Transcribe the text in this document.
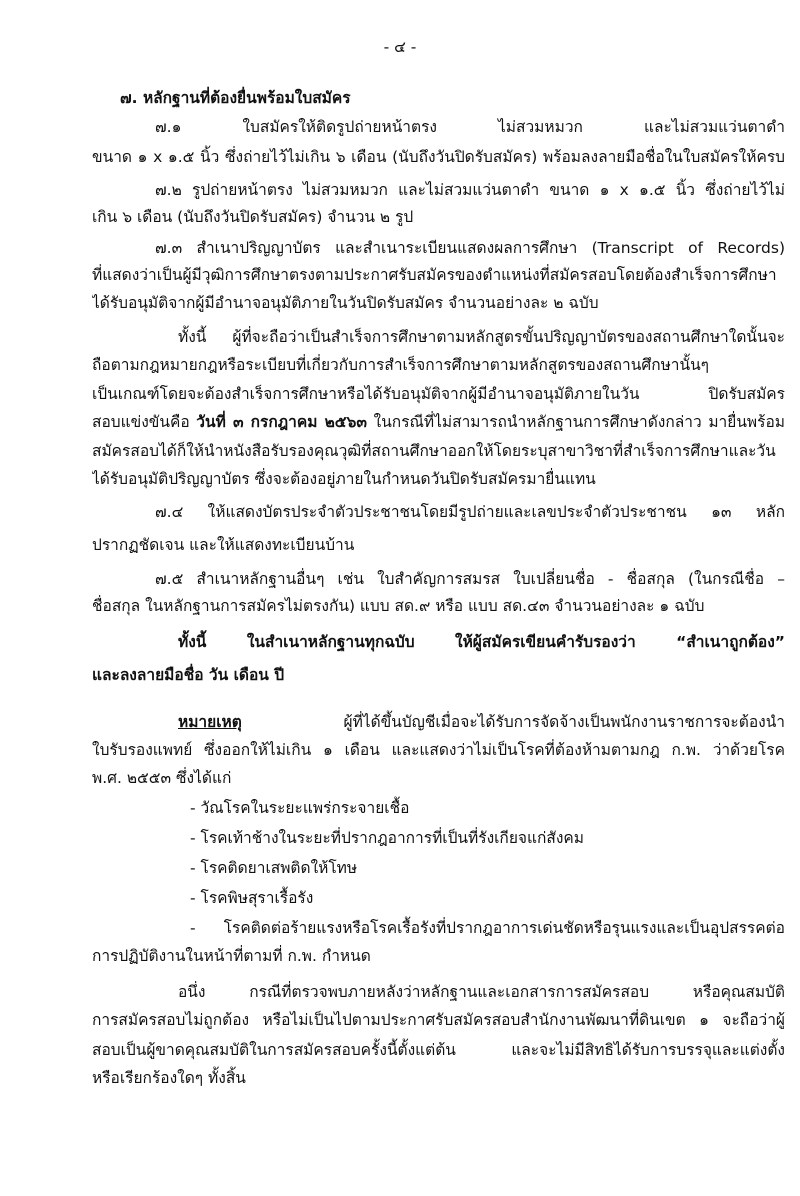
- ๔ -
๗. หลักฐานที่ต้องยื่นพร้อมใบสมัคร
๗.๑ ใบสมัครให้ติดรูปถ่ายหน้าตรง ไม่สวมหมวก และไม่สวมแว่นตาดำ
ขนาด ๑ x ๑.๕ นิ้ว ซึ่งถ่ายไว้ไม่เกิน ๖ เดือน (นับถึงวันปิดรับสมัคร) พร้อมลงลายมือชื่อในใบสมัครให้ครบ
๗.๒ รูปถ่ายหน้าตรง ไม่สวมหมวก และไม่สวมแว่นตาดำ ขนาด ๑ x ๑.๕ นิ้ว ซึ่งถ่ายไว้ไม่
เกิน ๖ เดือน (นับถึงวันปิดรับสมัคร) จำนวน ๒ รูป
๗.๓ สำเนาปริญญาบัตร และสำเนาระเบียนแสดงผลการศึกษา (Transcript of Records)
ที่แสดงว่าเป็นผู้มีวุฒิการศึกษาตรงตามประกาศรับสมัครของตำแหน่งที่สมัครสอบโดยต้องสำเร็จการศึกษา
ได้รับอนุมัติจากผู้มีอำนาจอนุมัติภายในวันปิดรับสมัคร จำนวนอย่างละ ๒ ฉบับ
ทั้งนี้ ผู้ที่จะถือว่าเป็นสำเร็จการศึกษาตามหลักสูตรขั้นปริญญาบัตรของสถานศึกษาใดนั้นจะ
ถือตามกฎหมายกฎหรือระเบียบที่เกี่ยวกับการสำเร็จการศึกษาตามหลักสูตรของสถานศึกษานั้นๆ
เป็นเกณฑ์โดยจะต้องสำเร็จการศึกษาหรือได้รับอนุมัติจากผู้มีอำนาจอนุมัติภายในวัน ปิดรับสมัคร
สอบแข่งขันคือ วันที่ ๓ กรกฎาคม ๒๕๖๓ ในกรณีที่ไม่สามารถนำหลักฐานการศึกษาดังกล่าว มายื่นพร้อม
สมัครสอบได้ก็ให้นำหนังสือรับรองคุณวุฒิที่สถานศึกษาออกให้โดยระบุสาขาวิชาที่สำเร็จการศึกษาและวัน
ได้รับอนุมัติปริญญาบัตร ซึ่งจะต้องอยู่ภายในกำหนดวันปิดรับสมัครมายื่นแทน
๗.๔ ให้แสดงบัตรประจำตัวประชาชนโดยมีรูปถ่ายและเลขประจำตัวประชาชน ๑๓ หลัก
ปรากฏชัดเจน และให้แสดงทะเบียนบ้าน
๗.๕ สำเนาหลักฐานอื่นๆ เช่น ใบสำคัญการสมรส ใบเปลี่ยนชื่อ - ชื่อสกุล (ในกรณีชื่อ –
ชื่อสกุล ในหลักฐานการสมัครไม่ตรงกัน) แบบ สด.๙ หรือ แบบ สด.๔๓ จำนวนอย่างละ ๑ ฉบับ
ทั้งนี้ ในสำเนาหลักฐานทุกฉบับ ให้ผู้สมัครเขียนคำรับรองว่า “สำเนาถูกต้อง”
และลงลายมือชื่อ วัน เดือน ปี
หมายเหตุ ผู้ที่ได้ขึ้นบัญชีเมื่อจะได้รับการจัดจ้างเป็นพนักงานราชการจะต้องนำ
ใบรับรองแพทย์ ซึ่งออกให้ไม่เกิน ๑ เดือน และแสดงว่าไม่เป็นโรคที่ต้องห้ามตามกฎ ก.พ. ว่าด้วยโรค
พ.ศ. ๒๕๕๓ ซึ่งได้แก่
- วัณโรคในระยะแพร่กระจายเชื้อ
- โรคเท้าช้างในระยะที่ปรากฎอาการที่เป็นที่รังเกียจแก่สังคม
- โรคติดยาเสพติดให้โทษ
- โรคพิษสุราเรื้อรัง
- โรคติดต่อร้ายแรงหรือโรคเรื้อรังที่ปรากฎอาการเด่นชัดหรือรุนแรงและเป็นอุปสรรคต่อ
การปฏิบัติงานในหน้าที่ตามที่ ก.พ. กำหนด
อนึ่ง กรณีที่ตรวจพบภายหลังว่าหลักฐานและเอกสารการสมัครสอบ หรือคุณสมบัติ
การสมัครสอบไม่ถูกต้อง หรือไม่เป็นไปตามประกาศรับสมัครสอบสำนักงานพัฒนาที่ดินเขต ๑ จะถือว่าผู้
สอบเป็นผู้ขาดคุณสมบัติในการสมัครสอบครั้งนี้ตั้งแต่ต้น และจะไม่มีสิทธิได้รับการบรรจุและแต่งตั้ง
หรือเรียกร้องใดๆ ทั้งสิ้น
